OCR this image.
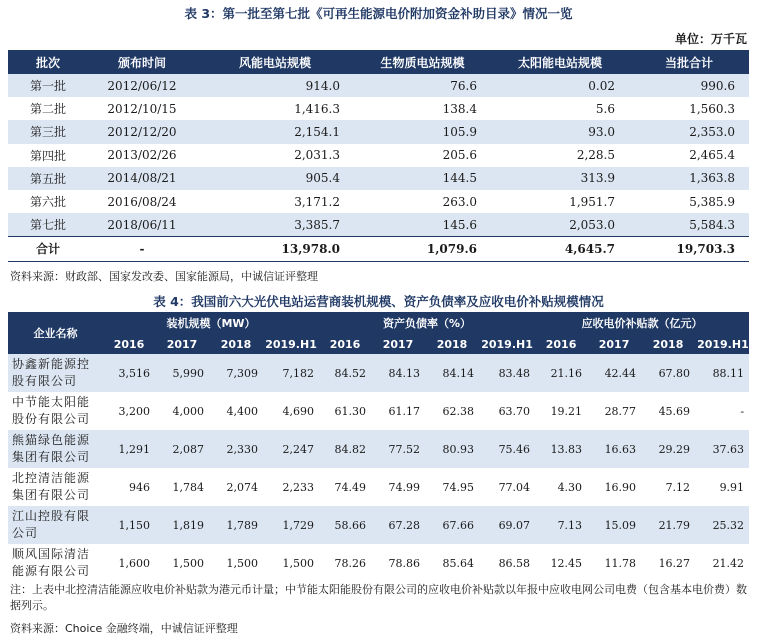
表 3：第一批至第七批《可再生能源电价附加资金补助目录》情况一览
单位：万千瓦
批次	颁布时间	风能电站规模	生物质电站规模	太阳能电站规模	当批合计
第一批	2012/06/12	914.0	76.6	0.02	990.6
第二批	2012/10/15	1,416.3	138.4	5.6	1,560.3
第三批	2012/12/20	2,154.1	105.9	93.0	2,353.0
第四批	2013/02/26	2,031.3	205.6	2,28.5	2,465.4
第五批	2014/08/21	905.4	144.5	313.9	1,363.8
第六批	2016/08/24	3,171.2	263.0	1,951.7	5,385.9
第七批	2018/06/11	3,385.7	145.6	2,053.0	5,584.3
合计	-	13,978.0	1,079.6	4,645.7	19,703.3
资料来源：财政部、国家发改委、国家能源局，中诚信证评整理
表 4：我国前六大光伏电站运营商装机规模、资产负债率及应收电价补贴规模情况
企业名称	装机规模（MW）				资产负债率（%）				应收电价补贴款（亿元）			
	2016	2017	2018	2019.H1	2016	2017	2018	2019.H1	2016	2017	2018	2019.H1
协鑫新能源控股有限公司	3,516	5,990	7,309	7,182	84.52	84.13	84.14	83.48	21.16	42.44	67.80	88.11
中节能太阳能股份有限公司	3,200	4,000	4,400	4,690	61.30	61.17	62.38	63.70	19.21	28.77	45.69	-
熊猫绿色能源集团有限公司	1,291	2,087	2,330	2,247	84.82	77.52	80.93	75.46	13.83	16.63	29.29	37.63
北控清洁能源集团有限公司	946	1,784	2,074	2,233	74.49	74.99	74.95	77.04	4.30	16.90	7.12	9.91
江山控股有限公司	1,150	1,819	1,789	1,729	58.66	67.28	67.66	69.07	7.13	15.09	21.79	25.32
顺风国际清洁能源有限公司	1,600	1,500	1,500	1,500	78.26	78.86	85.64	86.58	12.45	11.78	16.27	21.42
注：上表中北控清洁能源应收电价补贴款为港元币计量；中节能太阳能股份有限公司的应收电价补贴款以年报中应收电网公司电费（包含基本电价费）数据列示。
资料来源：Choice 金融终端，中诚信证评整理
